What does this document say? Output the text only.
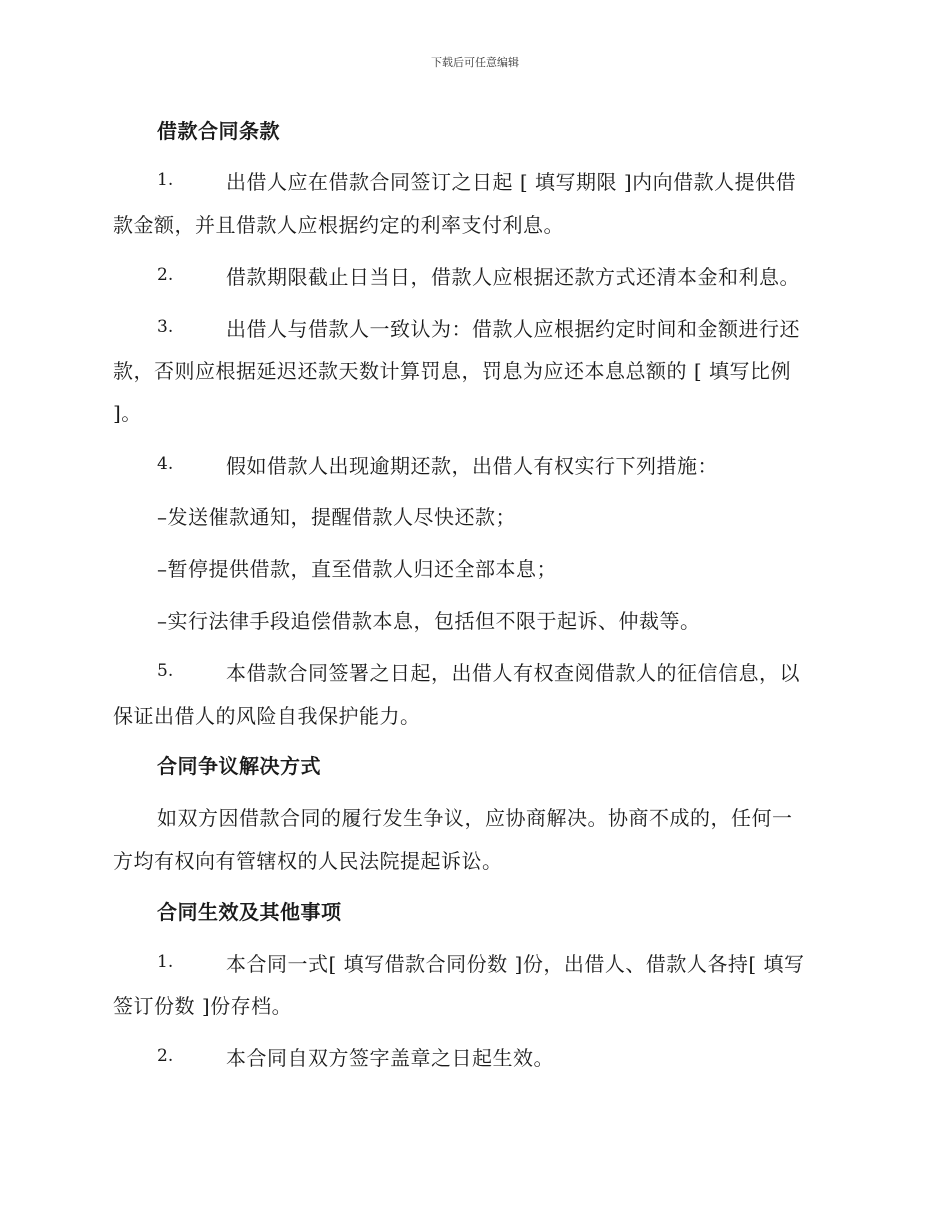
下载后可任意编辑
借款合同条款
1.	出借人应在借款合同签订之日起 [ 填写期限 ]内向借款人提供借
款金额，并且借款人应根据约定的利率支付利息。
2.	借款期限截止日当日，借款人应根据还款方式还清本金和利息。
3.	出借人与借款人一致认为：借款人应根据约定时间和金额进行还
款，否则应根据延迟还款天数计算罚息，罚息为应还本息总额的 [ 填写比例
]。
4.	假如借款人出现逾期还款，出借人有权实行下列措施：
–发送催款通知，提醒借款人尽快还款；
–暂停提供借款，直至借款人归还全部本息；
–实行法律手段追偿借款本息，包括但不限于起诉、仲裁等。
5.	本借款合同签署之日起，出借人有权查阅借款人的征信信息，以
保证出借人的风险自我保护能力。
合同争议解决方式
如双方因借款合同的履行发生争议，应协商解决。协商不成的，任何一
方均有权向有管辖权的人民法院提起诉讼。
合同生效及其他事项
1.	本合同一式[ 填写借款合同份数 ]份，出借人、借款人各持[ 填写
签订份数 ]份存档。
2.	本合同自双方签字盖章之日起生效。
